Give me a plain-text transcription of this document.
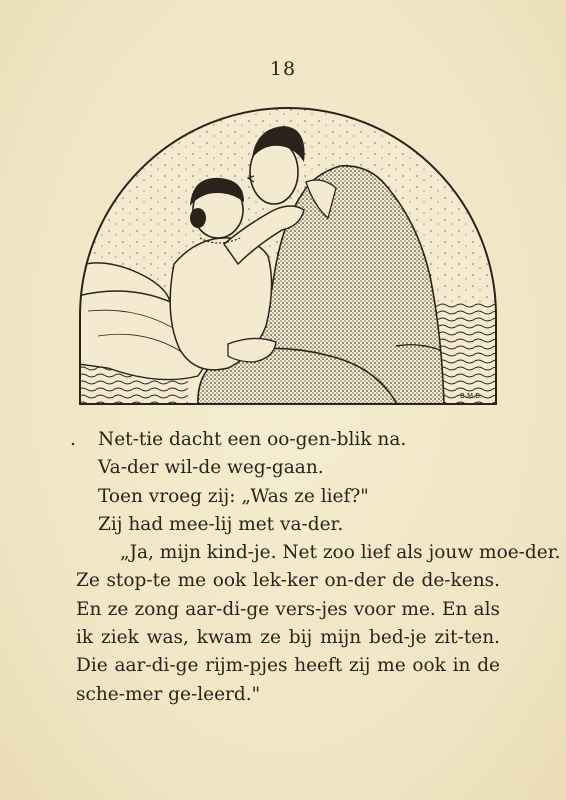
18
B.M.B.
. Net-tie dacht een oo-gen-blik na.
Va-der wil-de weg-gaan.
Toen vroeg zij: „Was ze lief?"
Zij had mee-lij met va-der.
„Ja, mijn kind-je. Net zoo lief als jouw moe-der.
Ze stop-te me ook lek-ker on-der de de-kens.
En ze zong aar-di-ge vers-jes voor me. En als
ik ziek was, kwam ze bij mijn bed-je zit-ten.
Die aar-di-ge rijm-pjes heeft zij me ook in de
sche-mer ge-leerd."
